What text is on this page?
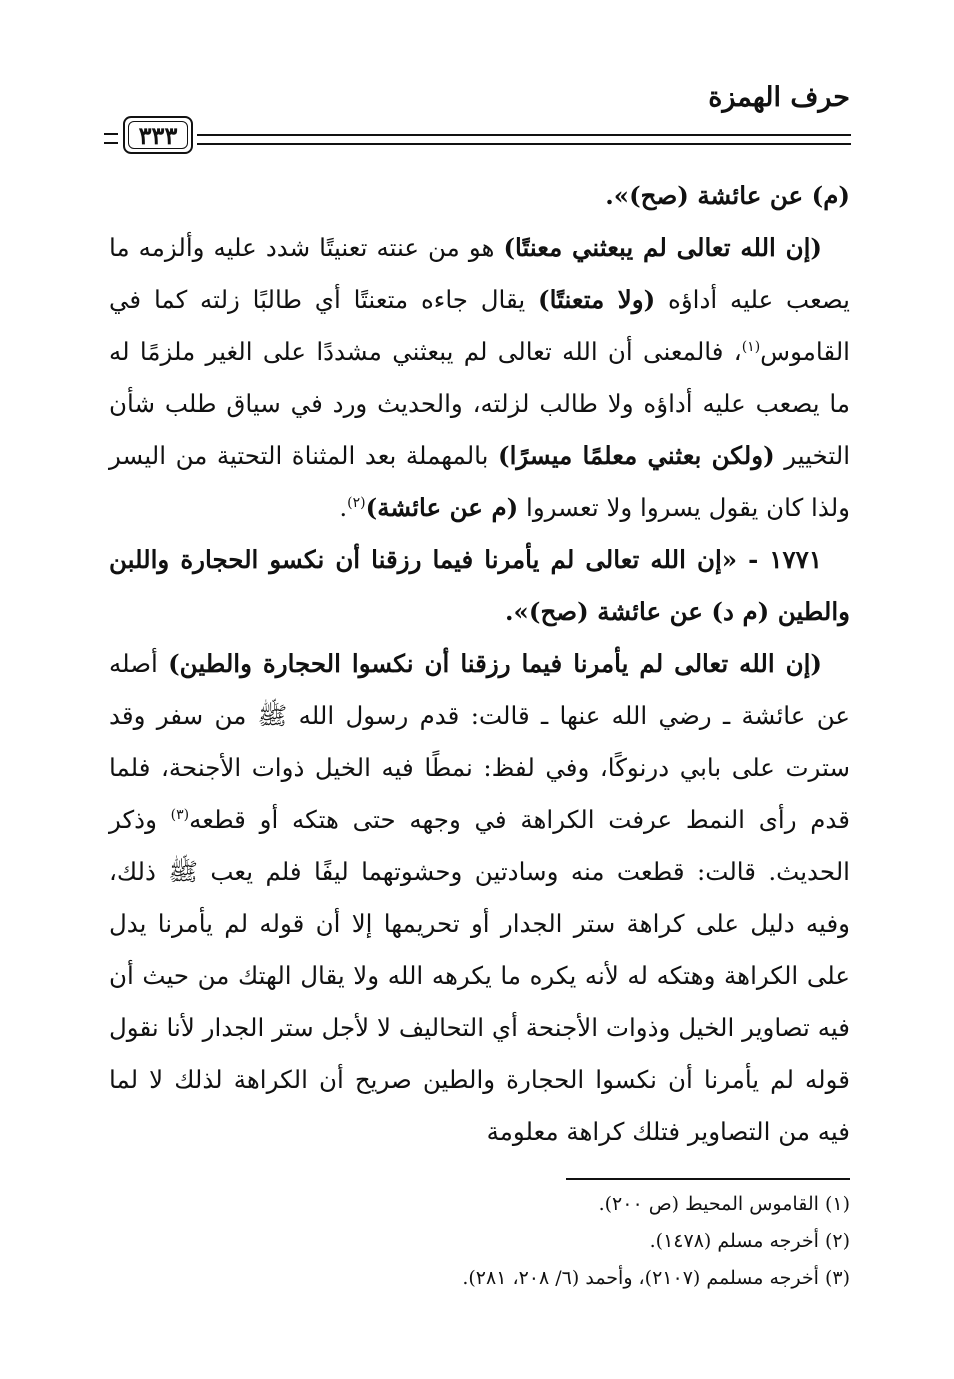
حرف الهمزة
٣٣٣

(م) عن عائشة (صح)».

(إن الله تعالى لم يبعثني معنتًا) هو من عنته تعنيتًا شدد عليه وألزمه ما يصعب عليه أداؤه (ولا متعنتًا) يقال جاءه متعنتًا أي طالبًا زلته كما في القاموس$^{(١)}$، فالمعنى أن الله تعالى لم يبعثني مشددًا على الغير ملزمًا له ما يصعب عليه أداؤه ولا طالب لزلته، والحديث ورد في سياق طلب شأن التخيير (ولكن بعثني معلمًا ميسرًا) بالمهملة بعد المثناة التحتية من اليسر ولذا كان يقول يسروا ولا تعسروا (م عن عائشة)$^{(٢)}$.

١٧٧١ - «إن الله تعالى لم يأمرنا فيما رزقنا أن نكسو الحجارة واللبن والطين (م د) عن عائشة (صح)».

(إن الله تعالى لم يأمرنا فيما رزقنا أن نكسوا الحجارة والطين) أصله عن عائشة ـ رضي الله عنها ـ قالت: قدم رسول الله ﷺ من سفر وقد سترت على بابي درنوكًا، وفي لفظ: نمطًا فيه الخيل ذوات الأجنحة، فلما قدم رأى النمط عرفت الكراهة في وجهه حتى هتكه أو قطعه$^{(٣)}$ وذكر الحديث. قالت: قطعت منه وسادتين وحشوتهما ليفًا فلم يعب ﷺ ذلك، وفيه دليل على كراهة ستر الجدار أو تحريمها إلا أن قوله لم يأمرنا يدل على الكراهة وهتكه له لأنه يكره ما يكرهه الله ولا يقال الهتك من حيث أن فيه تصاوير الخيل وذوات الأجنحة أي التحاليف لا لأجل ستر الجدار لأنا نقول قوله لم يأمرنا أن نكسوا الحجارة والطين صريح أن الكراهة لذلك لا لما فيه من التصاوير فتلك كراهة معلومة

(١) القاموس المحيط (ص ٢٠٠).
(٢) أخرجه مسلم (١٤٧٨).
(٣) أخرجه مسلمم (٢١٠٧)، وأحمد (٦/ ٢٠٨، ٢٨١).
